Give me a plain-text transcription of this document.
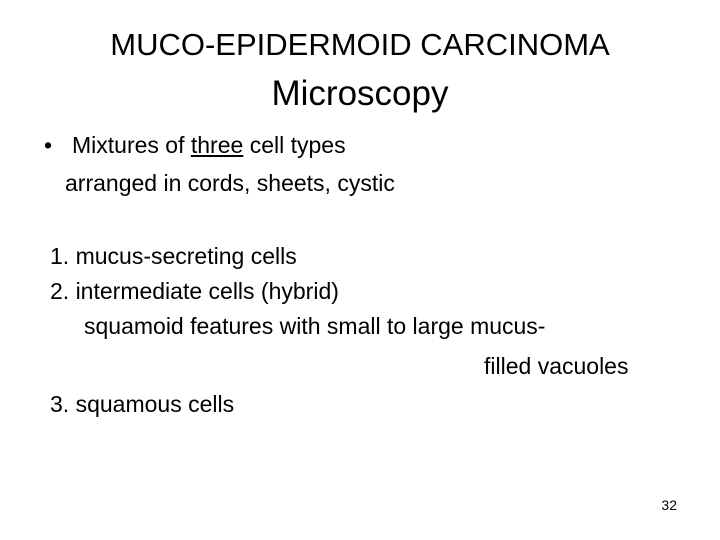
MUCO-EPIDERMOID CARCINOMA
Microscopy
• Mixtures of three cell types
arranged in cords, sheets, cystic
1. mucus-secreting cells
2. intermediate cells (hybrid)
squamoid features with small to large mucus-
filled vacuoles
3. squamous cells
32
